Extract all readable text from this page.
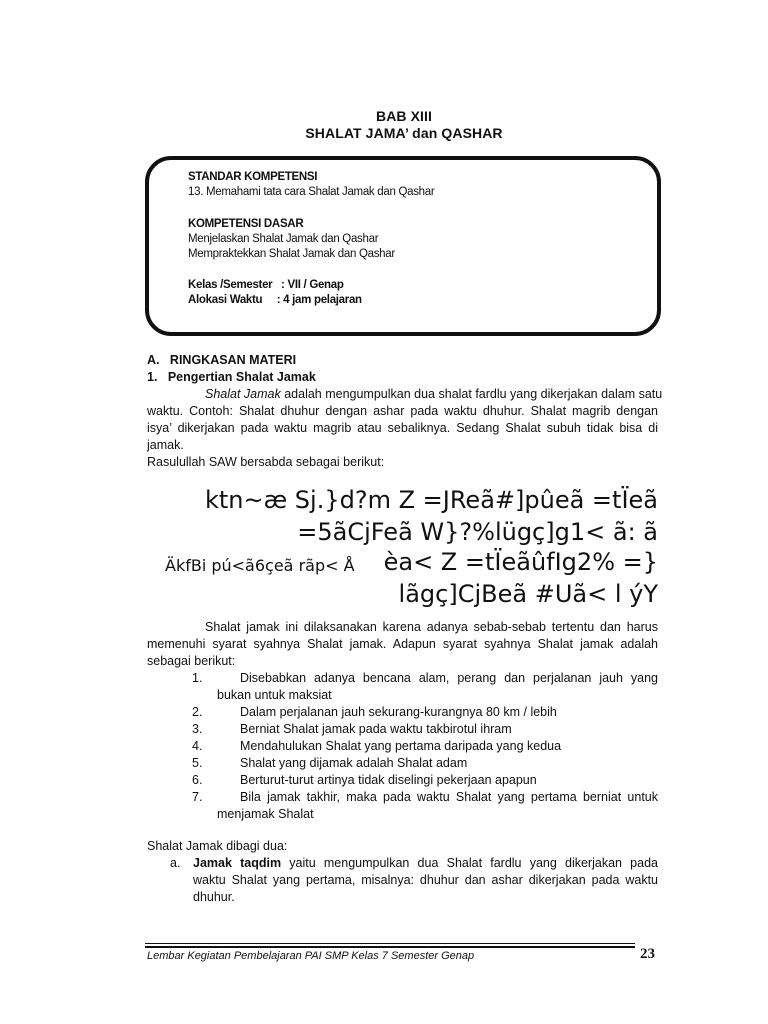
BAB XIII
SHALAT JAMA’ dan QASHAR
STANDAR KOMPETENSI
13. Memahami tata cara Shalat Jamak dan Qashar
KOMPETENSI DASAR
Menjelaskan Shalat Jamak dan Qashar
Mempraktekkan Shalat Jamak dan Qashar
Kelas /Semester   : VII / Genap
Alokasi Waktu     : 4 jam pelajaran
A.   RINGKASAN MATERI
1.   Pengertian Shalat Jamak
Shalat Jamak adalah mengumpulkan dua shalat fardlu yang dikerjakan dalam satu
waktu. Contoh: Shalat dhuhur dengan ashar pada waktu dhuhur. Shalat magrib dengan
isya’ dikerjakan pada waktu magrib atau sebaliknya. Sedang Shalat subuh tidak bisa di
jamak.
Rasulullah SAW bersabda sebagai berikut:
ktn~æ Sj.}d?m Z =JReã#]pûeã =tÏeã
=5ãCjFeã W}?%lügç]g1< ã: ã
ÄkfBi pú<ã6çeã rãp< Å èa< Z =tÏeãûfIg2% =}
lãgç]CjBeã #Uã< l ýY
Shalat jamak ini dilaksanakan karena adanya sebab-sebab tertentu dan harus
memenuhi syarat syahnya Shalat jamak. Adapun syarat syahnya Shalat jamak adalah
sebagai berikut:
1.	Disebabkan adanya bencana alam, perang dan perjalanan jauh yang
bukan untuk maksiat
2.	Dalam perjalanan jauh sekurang-kurangnya 80 km / lebih
3.	Berniat Shalat jamak pada waktu takbirotul ihram
4.	Mendahulukan Shalat yang pertama daripada yang kedua
5.	Shalat yang dijamak adalah Shalat adam
6.	Berturut-turut artinya tidak diselingi pekerjaan apapun
7.	Bila jamak takhir, maka pada waktu Shalat yang pertama berniat untuk
menjamak Shalat
Shalat Jamak dibagi dua:
a. Jamak taqdim yaitu mengumpulkan dua Shalat fardlu yang dikerjakan pada
waktu Shalat yang pertama, misalnya: dhuhur dan ashar dikerjakan pada waktu
dhuhur.
Lembar Kegiatan Pembelajaran PAI SMP Kelas 7 Semester Genap	23
